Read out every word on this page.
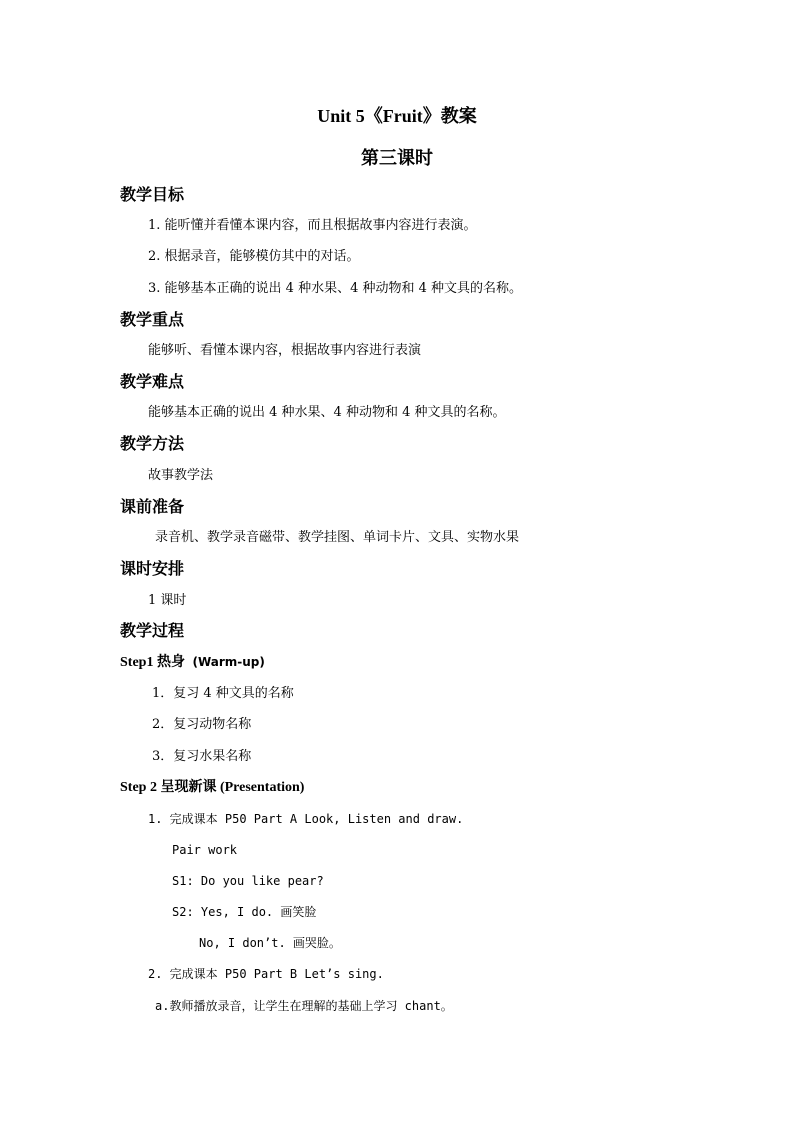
Unit 5《Fruit》教案
第三课时
教学目标
1. 能听懂并看懂本课内容，而且根据故事内容进行表演。
2. 根据录音，能够模仿其中的对话。
3. 能够基本正确的说出 4 种水果、4 种动物和 4 种文具的名称。
教学重点
能够听、看懂本课内容，根据故事内容进行表演
教学难点
能够基本正确的说出 4 种水果、4 种动物和 4 种文具的名称。
教学方法
故事教学法
课前准备
录音机、教学录音磁带、教学挂图、单词卡片、文具、实物水果
课时安排
1 课时
教学过程
Step1 热身 (Warm-up)
1．复习 4 种文具的名称
2．复习动物名称
3．复习水果名称
Step 2 呈现新课 (Presentation)
1. 完成课本 P50 Part A Look, Listen and draw.
Pair work
S1: Do you like pear?
S2: Yes, I do. 画笑脸
No, I don’t. 画哭脸。
2. 完成课本 P50 Part B Let’s sing.
a.教师播放录音，让学生在理解的基础上学习 chant。
